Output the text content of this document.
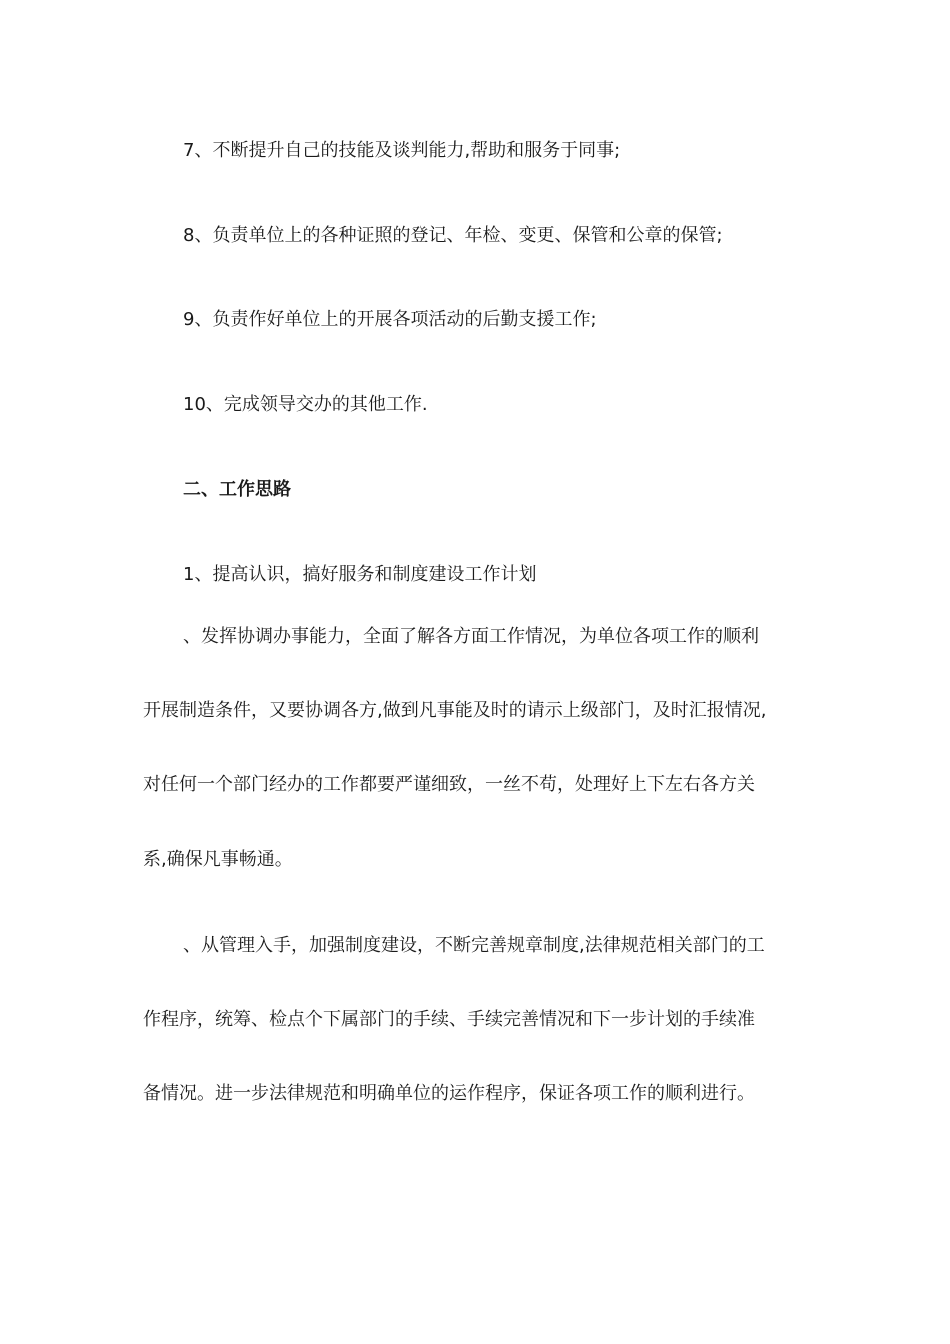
7、不断提升自己的技能及谈判能力,帮助和服务于同事;
8、负责单位上的各种证照的登记、年检、变更、保管和公章的保管;
9、负责作好单位上的开展各项活动的后勤支援工作;
10、完成领导交办的其他工作.
二、工作思路
1、提高认识，搞好服务和制度建设工作计划
、发挥协调办事能力，全面了解各方面工作情况，为单位各项工作的顺利
开展制造条件，又要协调各方,做到凡事能及时的请示上级部门，及时汇报情况,
对任何一个部门经办的工作都要严谨细致，一丝不苟，处理好上下左右各方关
系,确保凡事畅通。
、从管理入手，加强制度建设，不断完善规章制度,法律规范相关部门的工
作程序，统筹、检点个下属部门的手续、手续完善情况和下一步计划的手续准
备情况。进一步法律规范和明确单位的运作程序，保证各项工作的顺利进行。
